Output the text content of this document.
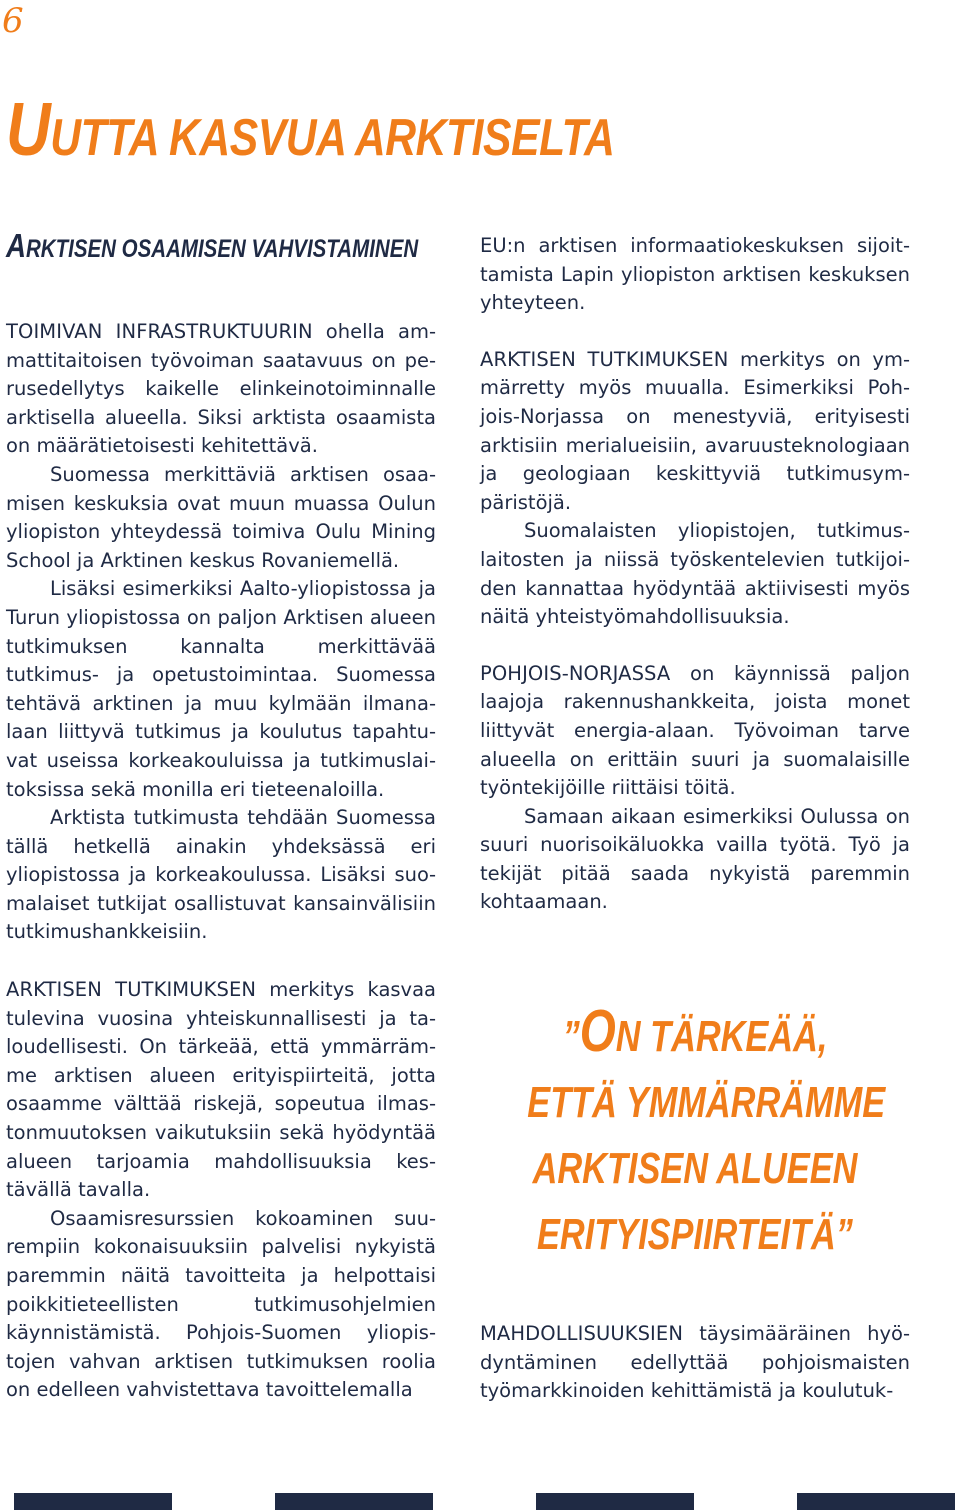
6
UUTTA KASVUA ARKTISELTA
ARKTISEN OSAAMISEN VAHVISTAMINEN

TOIMIVAN INFRASTRUKTUURIN ohella ammattitaitoisen työvoiman saatavuus on perusedellytys kaikelle elinkeinotoiminnalle arktisella alueella. Siksi arktista osaamista on määrätietoisesti kehitettävä.

Suomessa merkittäviä arktisen osaamisen keskuksia ovat muun muassa Oulun yliopiston yhteydessä toimiva Oulu Mining School ja Arktinen keskus Rovaniemellä.

Lisäksi esimerkiksi Aalto-yliopistossa ja Turun yliopistossa on paljon Arktisen alueen tutkimuksen kannalta merkittävää tutkimus- ja opetustoimintaa. Suomessa tehtävä arktinen ja muu kylmään ilmanalaan liittyvä tutkimus ja koulutus tapahtuvat useissa korkeakouluissa ja tutkimuslaitoksissa sekä monilla eri tieteenaloilla.

Arktista tutkimusta tehdään Suomessa tällä hetkellä ainakin yhdeksässä eri yliopistossa ja korkeakoulussa. Lisäksi suomalaiset tutkijat osallistuvat kansainvälisiin tutkimushankkeisiin.

ARKTISEN TUTKIMUKSEN merkitys kasvaa tulevina vuosina yhteiskunnallisesti ja taloudellisesti. On tärkeää, että ymmärrämme arktisen alueen erityispiirteitä, jotta osaamme välttää riskejä, sopeutua ilmastonmuutoksen vaikutuksiin sekä hyödyntää alueen tarjoamia mahdollisuuksia kestävällä tavalla.

Osaamisresurssien kokoaminen suurempiin kokonaisuuksiin palvelisi nykyistä paremmin näitä tavoitteita ja helpottaisi poikkitieteellisten tutkimusohjelmien käynnistämistä. Pohjois-Suomen yliopistojen vahvan arktisen tutkimuksen roolia on edelleen vahvistettava tavoittelemalla

EU:n arktisen informaatiokeskuksen sijoittamista Lapin yliopiston arktisen keskuksen yhteyteen.

ARKTISEN TUTKIMUKSEN merkitys on ymmärretty myös muualla. Esimerkiksi Pohjois-Norjassa on menestyviä, erityisesti arktisiin merialueisiin, avaruusteknologiaan ja geologiaan keskittyviä tutkimusympäristöjä.

Suomalaisten yliopistojen, tutkimuslaitosten ja niissä työskentelevien tutkijoiden kannattaa hyödyntää aktiivisesti myös näitä yhteistyömahdollisuuksia.

POHJOIS-NORJASSA on käynnissä paljon laajoja rakennushankkeita, joista monet liittyvät energia-alaan. Työvoiman tarve alueella on erittäin suuri ja suomalaisille työntekijöille riittäisi töitä.

Samaan aikaan esimerkiksi Oulussa on suuri nuorisoikäluokka vailla työtä. Työ ja tekijät pitää saada nykyistä paremmin kohtaamaan.

”ON TÄRKEÄÄ,
ETTÄ YMMÄRRÄMME
ARKTISEN ALUEEN
ERITYISPIIRTEITÄ”

MAHDOLLISUUKSIEN täysimääräinen hyödyntäminen edellyttää pohjoismaisten työmarkkinoiden kehittämistä ja koulutuk-
